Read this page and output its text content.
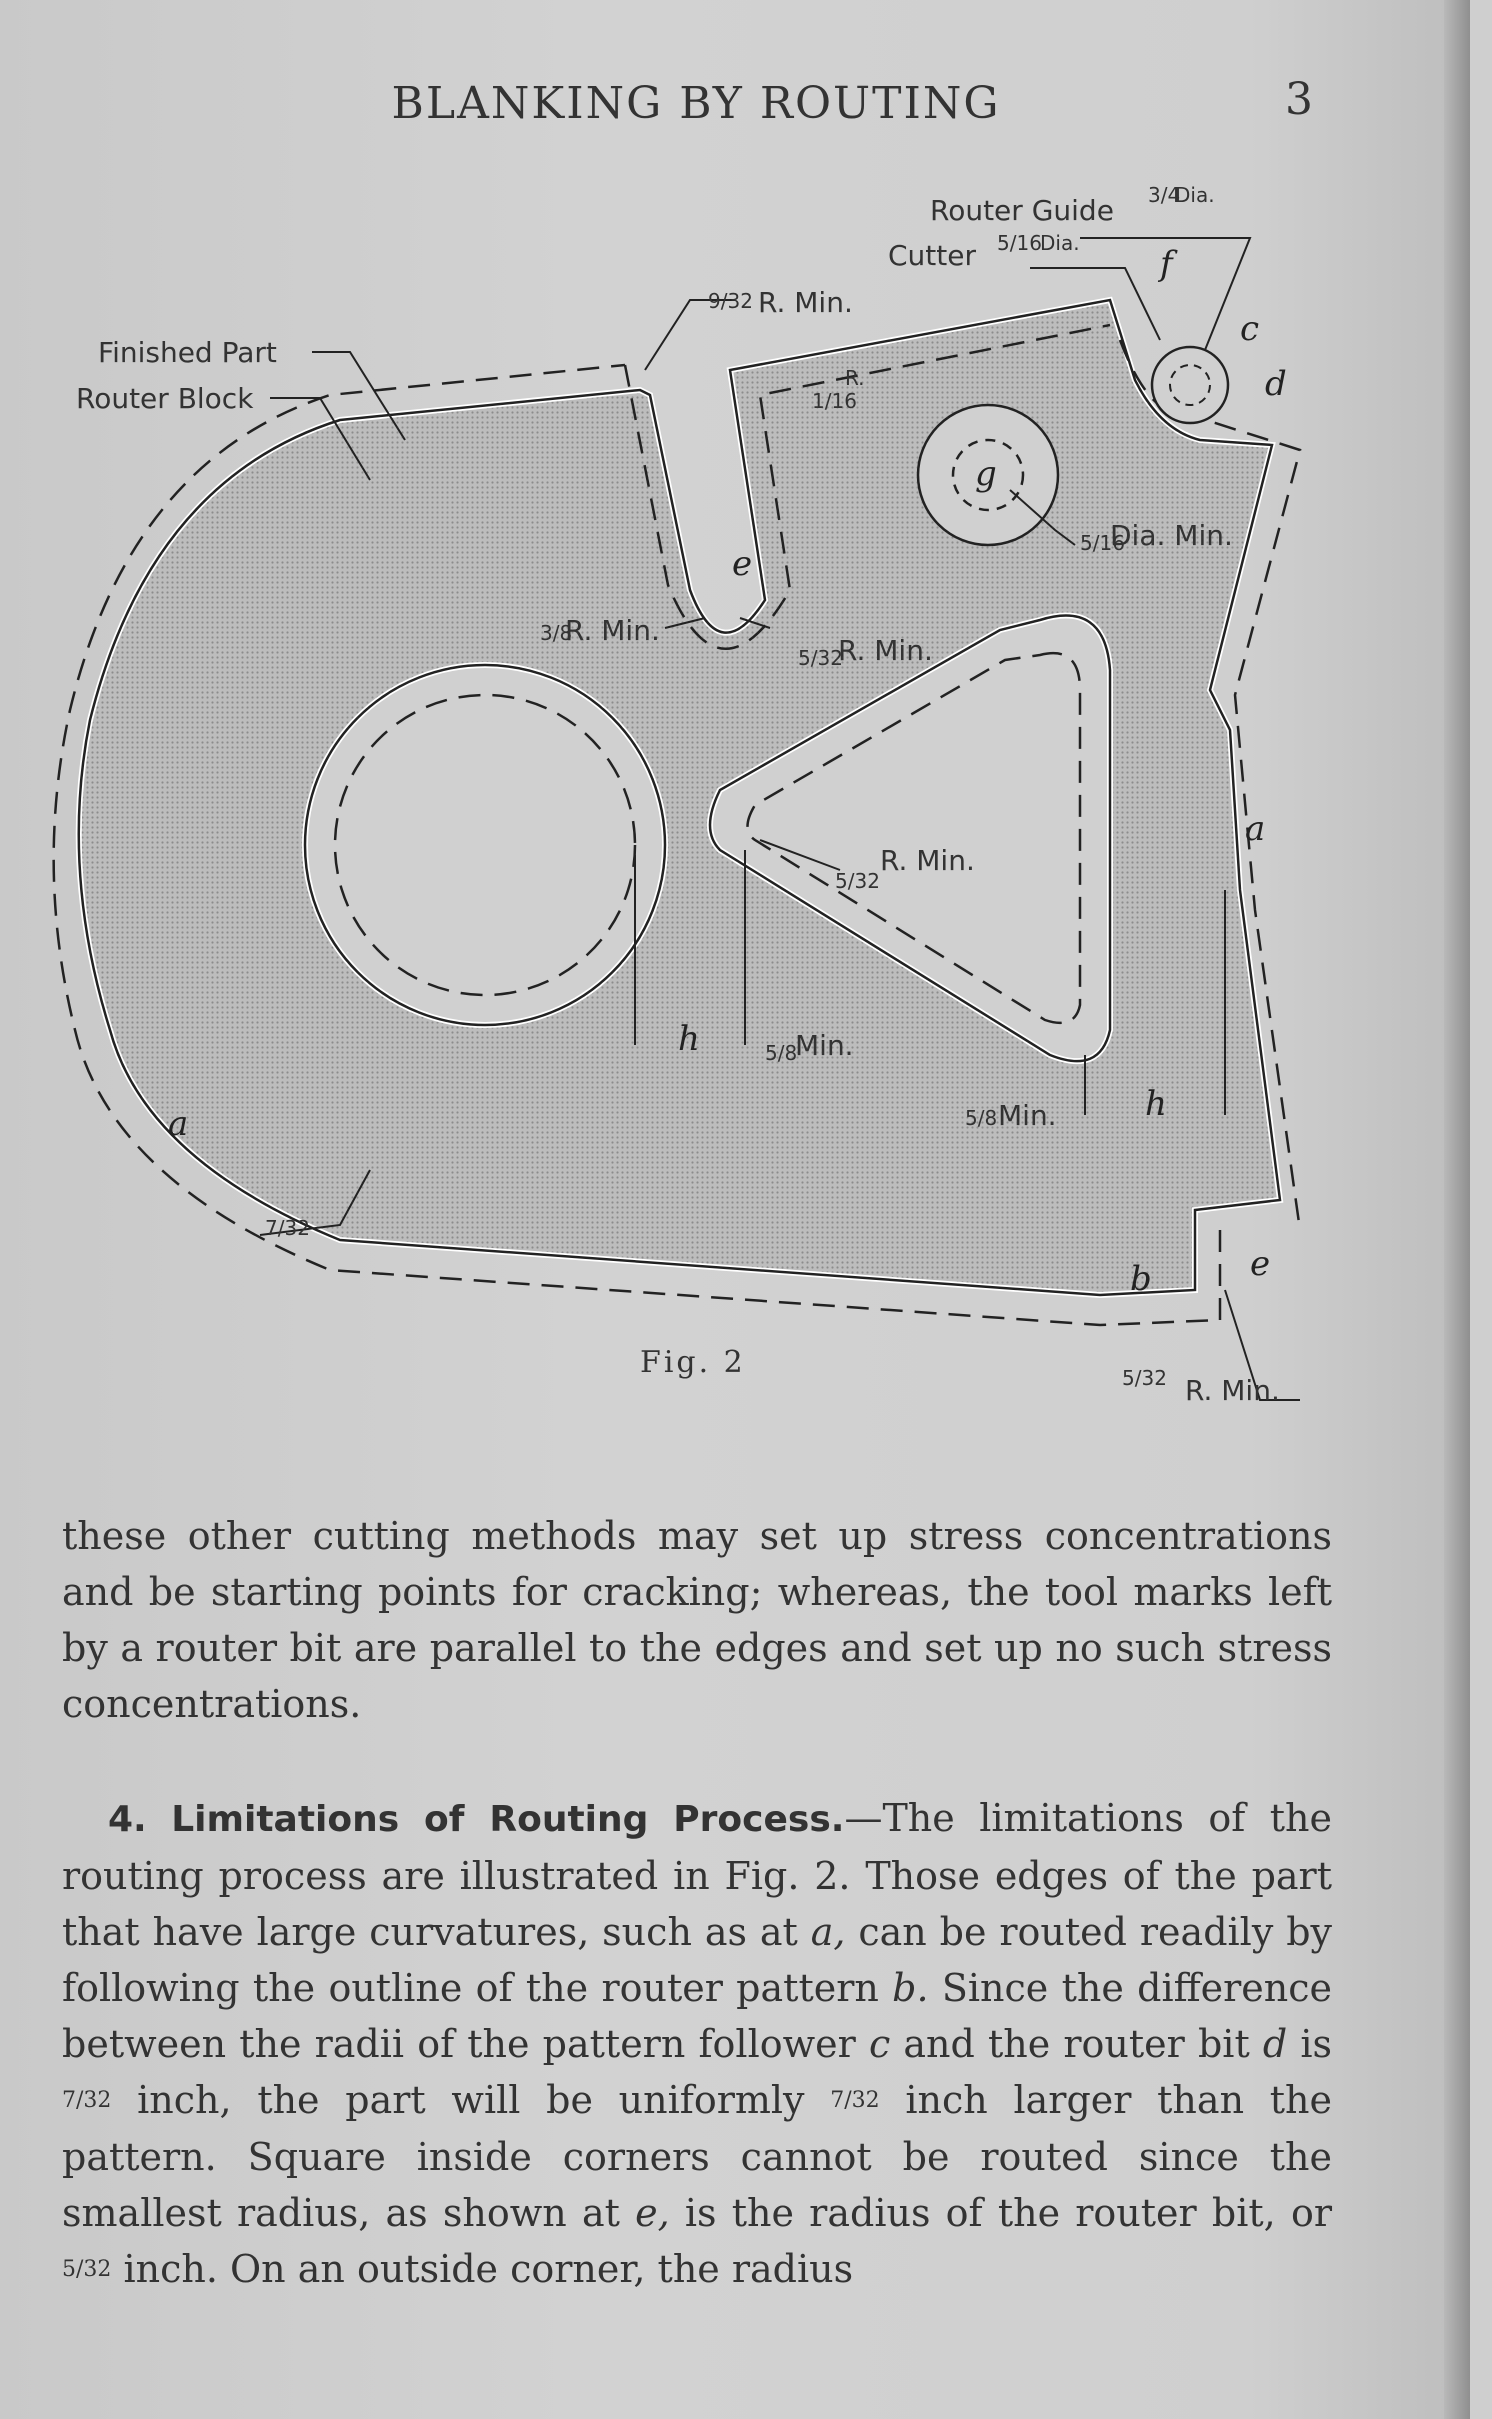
BLANKING BY ROUTING	3
Router Guide 3/4
Dia.
Cutter 5/16
Dia.
Finished Part
Router Block
9/32 R. Min.
1/16
R.
3/8
R. Min.
5/32
R. Min.
5/16
Dia. Min.
5/32
R. Min.
5/8
Min.
5/8 Min.
5/32 R. Min.
7/32
a
a
b
c
d
e
e
f
g
h
h
Fig. 2

these other cutting methods may set up stress concentrations and be starting points for cracking; whereas, the tool marks left by a router bit are parallel to the edges and set up no such stress concentrations.

4. Limitations of Routing Process.—The limitations of the routing process are illustrated in Fig. 2. Those edges of the part that have large curvatures, such as at a, can be routed readily by following the outline of the router pattern b. Since the difference between the radii of the pattern follower c and the router bit d is 7/32 inch, the part will be uniformly 7/32 inch larger than the pattern. Square inside corners cannot be routed since the smallest radius, as shown at e, is the radius of the router bit, or 5/32 inch. On an outside corner, the radius
